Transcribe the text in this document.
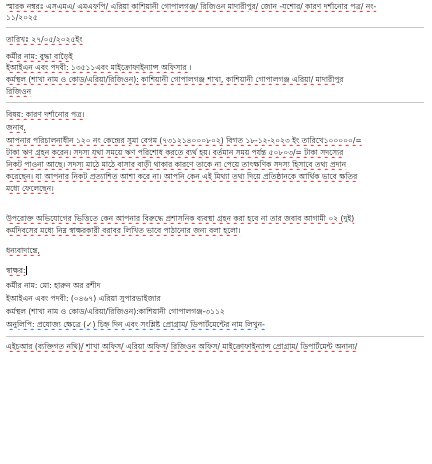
স্মারক নম্বরঃ এসএমএ/ এমএফপি/ এরিয়া কাশিয়ানী গোপালগঞ্জ/ রিজিওন মাদারীপুর/ জোন -যশোর/ কারণ দর্শানোর পত্র/ নং-
১১/২০২৫
তারিখঃ ২৭/০৫/২০২৫ইং
কর্মীর নাম: বুদ্ধা বাড়ৈই
ইআইএন এবং পদবী: ১৩৫১১এবং মাইক্রোফাইন্যান্স অফিসার ।
কর্মস্থল (শাখা নাম ও কোড/এরিয়া/রিজিওন): কাশিয়ানী গোপালগঞ্জ শাখা, কাশিয়ানী গোপালগঞ্জ এরিয়া/ মাদারীপুর
রিজিওন
বিষয়: কারণ দর্শানোর পত্র।
জনাব,
আপনার পরিচালনাধীন ১২০ নং কেন্দ্রের সুমা বেগম (৭৩১২১৪০০০৮০২) বিগত ১৮-১২-২০২৩ ইং তারিখে১০০০০০/=
টাকা ঋণ গ্রহন করেন। সদস্য যথা সময়ে ঋণ পরিশোধ করতে ব্যর্থ হয়। বর্তমান সময় পর্যন্ত ৫০৮০৩/= টাকা সদস্যের
নিকট পাওনা আছে। সদস্য মাঠে মাঠে বাসার বাড়ী থাকার কারণে তাকে না পেয়ে তাৎক্ষণিক সদস্য হিসাবে তথ্য প্রদান
করেছেন। যা আপনার নিকট প্রত্যাশিত আশা করে না। আপনি কেন এই মিথ্যা তথ্য দিয়ে প্রতিষ্ঠানকে আর্থিক ভাবে ক্ষতির
মধ্যে ফেলেছেন।
উপরোক্ত অভিযোগের ভিত্তিতে কেন আপনার বিরুদ্ধে প্রশাসনিক ব্যবস্থা গ্রহন করা হবে না তার জবাব আগামী ০২ (দুই)
কর্মদিবসের মধ্যে নিম্ন স্বাক্ষরকারী বরাবর লিখিত ভাবে পাঠানোর জন্য বলা হলো।
ধন্যবাদান্তে,
স্বাক্ষর:
কর্মীর নাম: মো: হারুন অর রশীদ
ইআইএন এবং পদবী: (০৪৬৭) এরিয়া সুপারভাইজার
কর্মস্থল (শাখা নাম ও কোড/এরিয়া/রিজিওন):কাশিয়ানী গোপালগঞ্জ-৩১১২
অনুলিপি: প্রযোজ্য ক্ষেত্রে (✓) চিহ্ন দিন এবং সংশ্লিষ্ট প্রোগ্রাম/ ডিপার্টমেন্টের নাম লিখুন-
এইচআর (ব্যক্তিগত নথি)/ শাখা অফিস/ এরিয়া অফিস/ রিজিওন অফিস/ মাইক্রোফাইন্যান্স প্রোগ্রাম/ ডিপার্টমেন্ট অনান্য/
